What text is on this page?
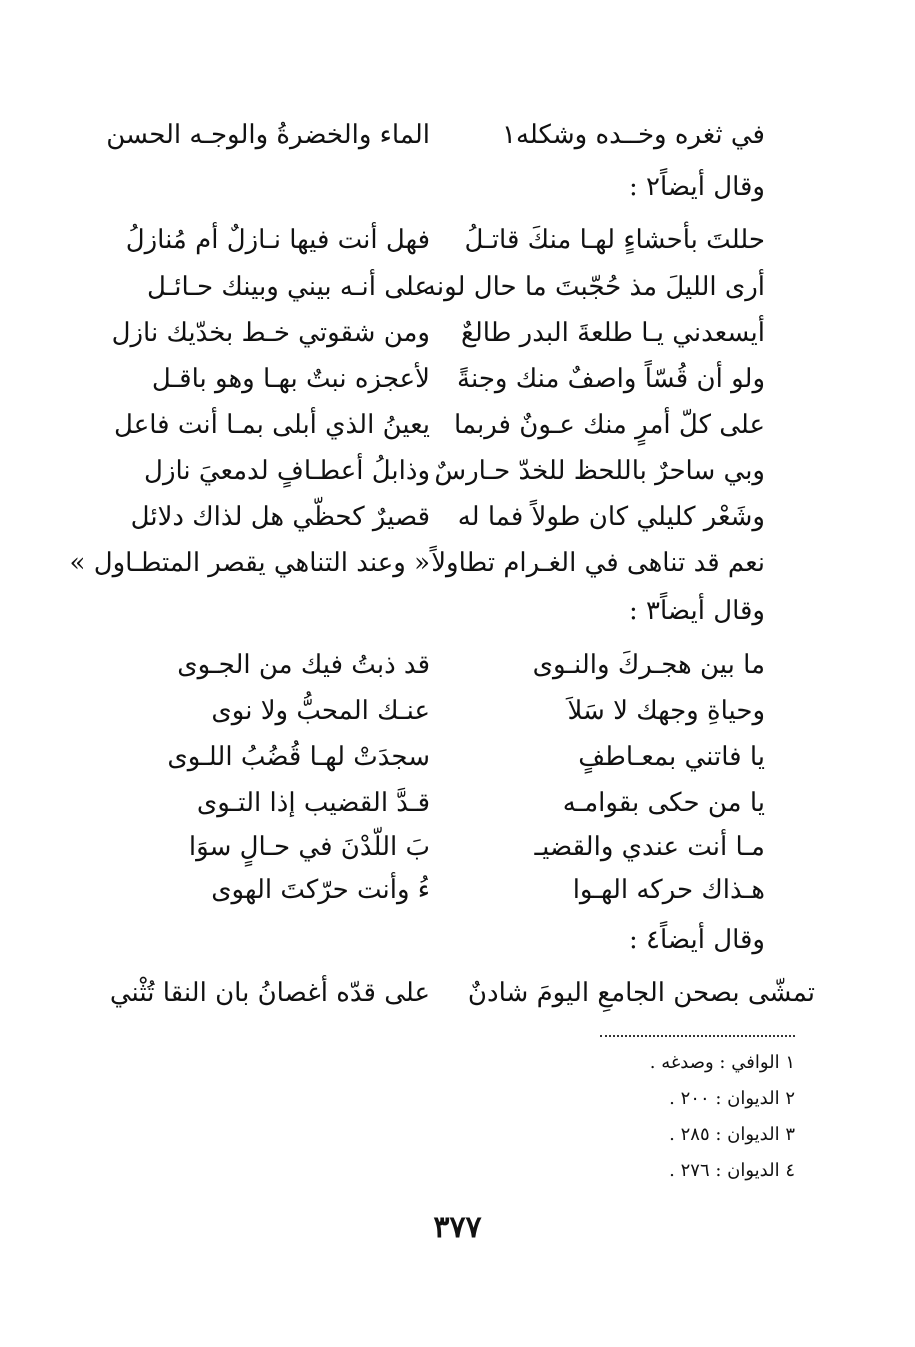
في ثغره وخــده وشكله١
الماء والخضرةُ والوجـه الحسن
وقال أيضاً٢ :
حللتَ بأحشاءٍ لهـا منكَ قاتـلُ
فهل أنت فيها نـازلٌ أم مُنازلُ
أرى الليلَ مذ حُجّبتَ ما حال لونه
على أنـه بيني وبينك حـائـل
أيسعدني يـا طلعةَ البدر طالعٌ
ومن شقوتي خـط بخدّيك نازل
ولو أن قُسّاً واصفٌ منك وجنةً
لأعجزه نبتٌ بهـا وهو باقـل
على كلّ أمرٍ منك عـونٌ فربما
يعينُ الذي أبلى بمـا أنت فاعل
وبي ساحرٌ باللحظ للخدّ حـارسٌ
وذابلُ أعطـافٍ لدمعيَ نازل
وشَعْر كليلي كان طولاً فما له
قصيرٌ كحظّي هل لذاك دلائل
نعم قد تناهى في الغـرام تطاولاً
« وعند التناهي يقصر المتطـاول »
وقال أيضاً٣ :
ما بين هجـركَ والنـوى
قد ذبتُ فيك من الجـوى
وحياةِ وجهك لا سَلاَ
عنـك المحبُّ ولا نوى
يا فاتني بمعـاطفٍ
سجدَتْ لهـا قُضُبُ اللـوى
يا من حكى بقوامـه
قـدَّ القضيب إذا التـوى
مـا أنت عندي والقضيـ
بَ اللّدْنَ في حـالٍ سوَا
هـذاك حركه الهـوا
ءُ وأنت حرّكتَ الهوى
وقال أيضاً٤ :
تمشّى بصحن الجامعِ اليومَ شادنٌ
على قدّه أغصانُ بان النقا تُثْني
١ الوافي : وصدغه .
٢ الديوان : ٢٠٠ .
٣ الديوان : ٢٨٥ .
٤ الديوان : ٢٧٦ .
٣٧٧
